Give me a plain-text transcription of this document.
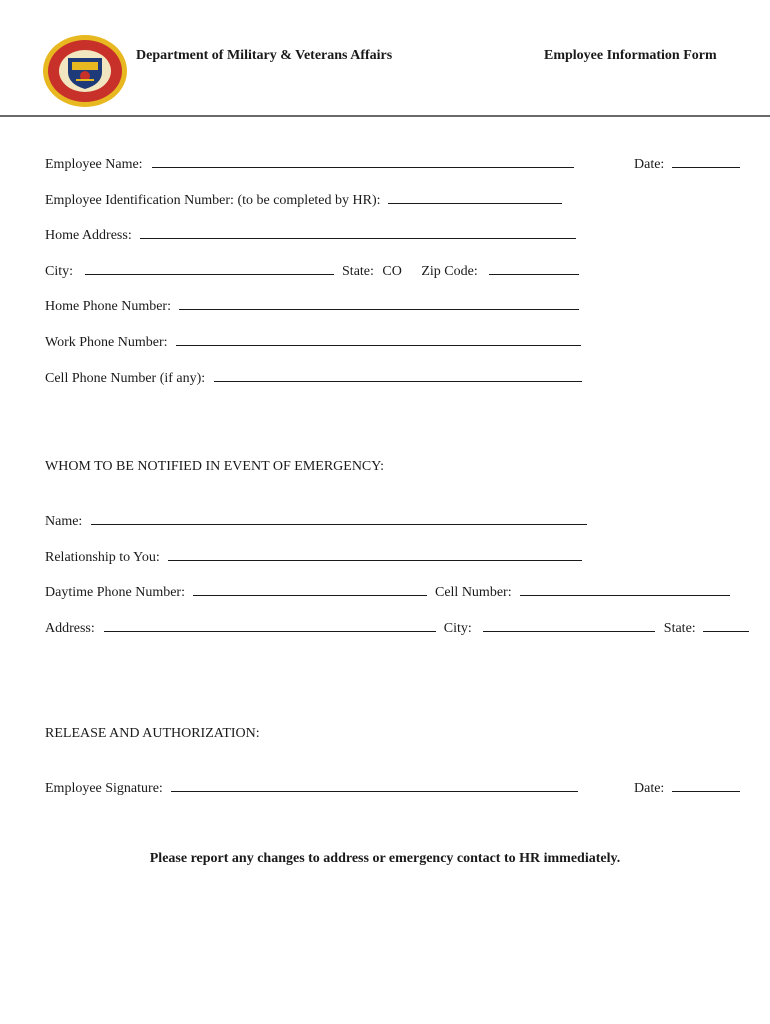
Department of Military & Veterans Affairs	Employee Information Form
Employee Name:	Date:
Employee Identification Number: (to be completed by HR):
Home Address:
City:	State: CO Zip Code:
Home Phone Number:
Work Phone Number:
Cell Phone Number (if any):
WHOM TO BE NOTIFIED IN EVENT OF EMERGENCY:
Name:
Relationship to You:
Daytime Phone Number:	Cell Number:
Address:	City:	State:
RELEASE AND AUTHORIZATION:
Employee Signature:	Date:
Please report any changes to address or emergency contact to HR immediately.
